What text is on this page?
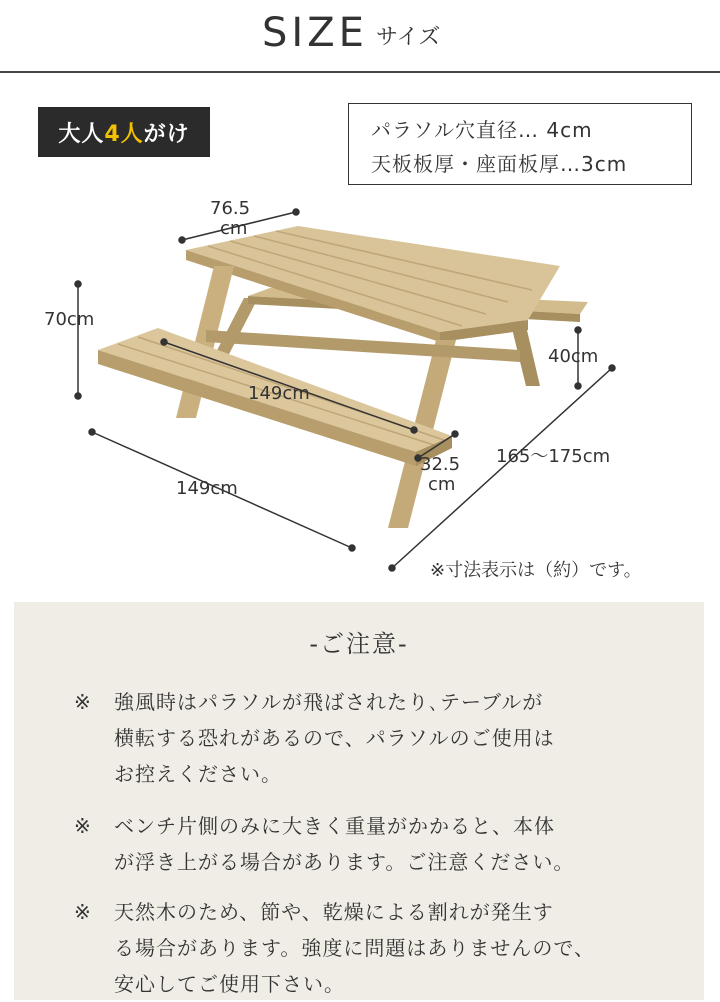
SIZE サイズ
大人 4人 がけ	パラソル穴直径… 4cm
天板板厚・座面板厚…3cm
76.5
cm
70cm
149cm
149cm
40cm
32.5
cm
165～175cm
※寸法表示は（約）です。
-ご注意-
※ 強風時はパラソルが飛ばされたり､テーブルが
横転する恐れがあるので、パラソルのご使用は
お控えください。
※ ベンチ片側のみに大きく重量がかかると、本体
が浮き上がる場合があります。ご注意ください。
※ 天然木のため、節や、乾燥による割れが発生す
る場合があります。強度に問題はありませんので、
安心してご使用下さい。
